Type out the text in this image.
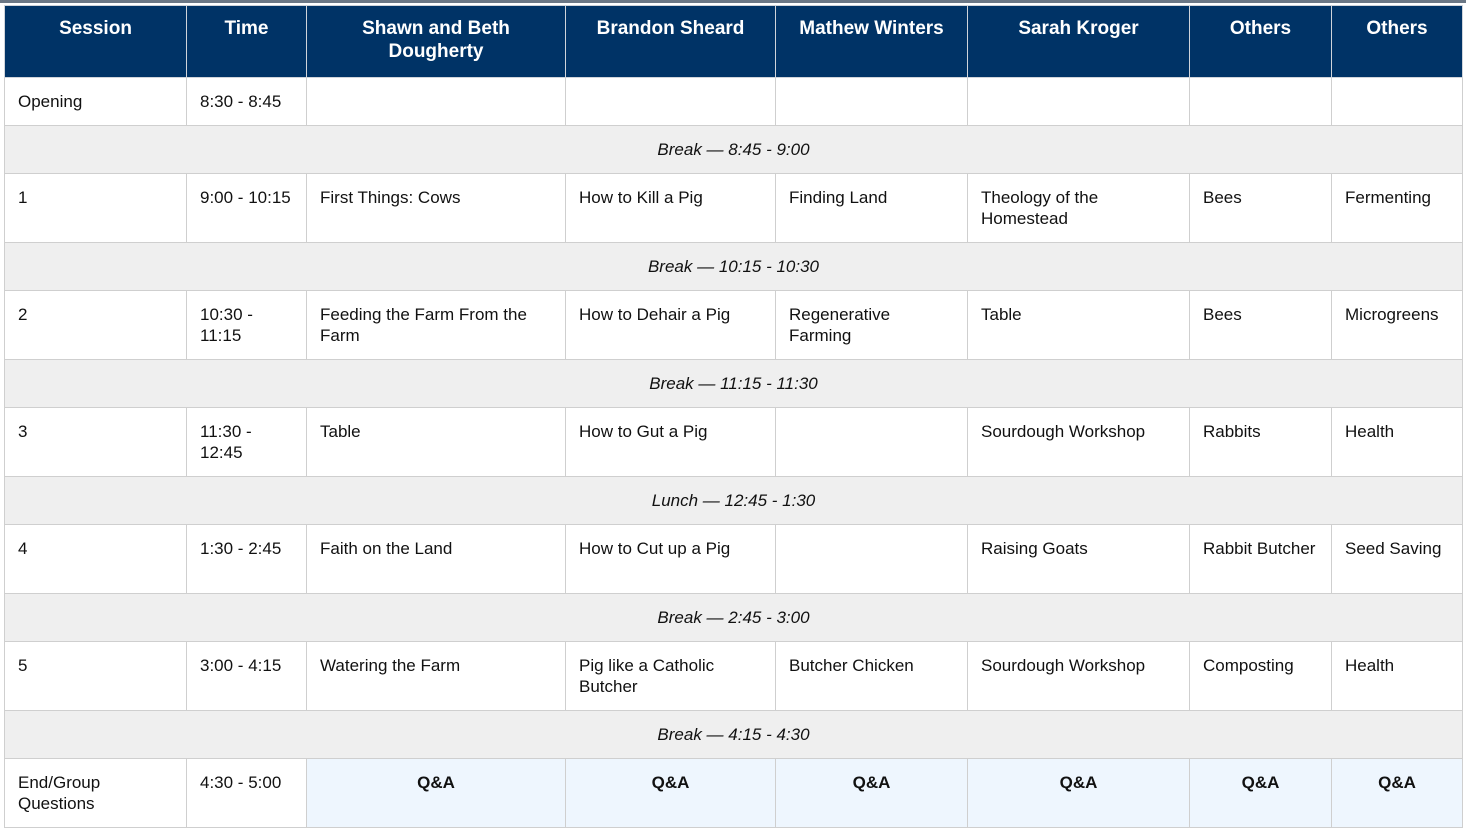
Session	Time	Shawn and Beth Dougherty	Brandon Sheard	Mathew Winters	Sarah Kroger	Others	Others
Opening	8:30 - 8:45						
Break — 8:45 - 9:00							
1	9:00 - 10:15	First Things: Cows	How to Kill a Pig	Finding Land	Theology of the Homestead	Bees	Fermenting
Break — 10:15 - 10:30							
2	10:30 - 11:15	Feeding the Farm From the Farm	How to Dehair a Pig	Regenerative Farming	Table	Bees	Microgreens
Break — 11:15 - 11:30							
3	11:30 - 12:45	Table	How to Gut a Pig		Sourdough Workshop	Rabbits	Health
Lunch — 12:45 - 1:30							
4	1:30 - 2:45	Faith on the Land	How to Cut up a Pig		Raising Goats	Rabbit Butcher	Seed Saving
Break — 2:45 - 3:00							
5	3:00 - 4:15	Watering the Farm	Pig like a Catholic Butcher	Butcher Chicken	Sourdough Workshop	Composting	Health
Break — 4:15 - 4:30							
End/Group Questions	4:30 - 5:00	Q&A	Q&A	Q&A	Q&A	Q&A	Q&A
